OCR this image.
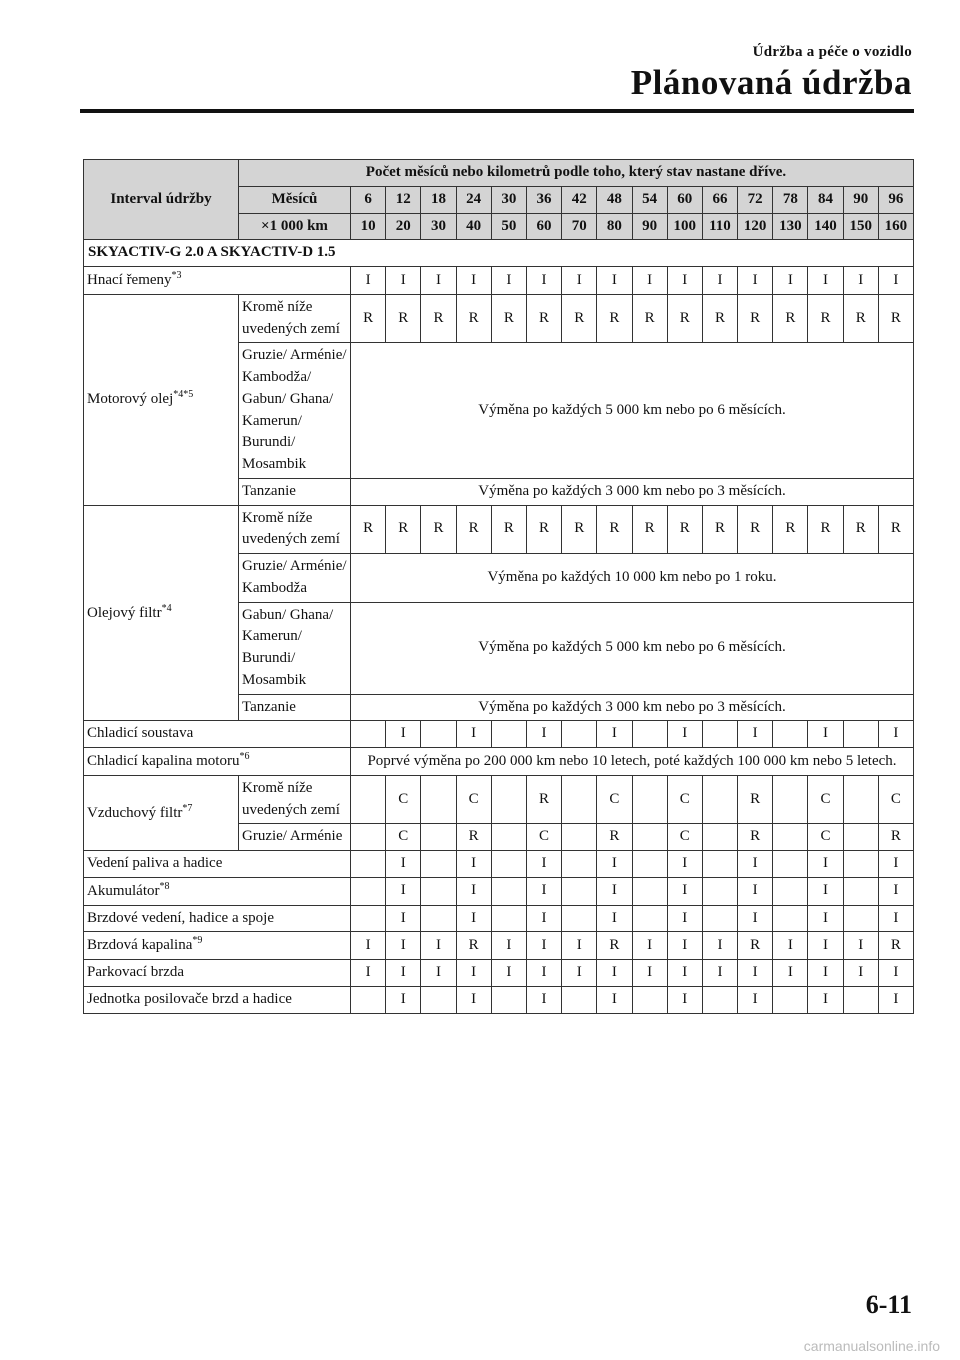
Údržba a péče o vozidlo
Plánovaná údržba
Interval údržby	Počet měsíců nebo kilometrů podle toho, který stav nastane dříve.																
	Měsíců	6	12	18	24	30	36	42	48	54	60	66	72	78	84	90	96
	×1 000 km	10	20	30	40	50	60	70	80	90	100	110	120	130	140	150	160
SKYACTIV-G 2.0 A SKYACTIV-D 1.5																	
Hnací řemeny$^{*3}$		I	I	I	I	I	I	I	I	I	I	I	I	I	I	I	I
Motorový olej$^{*4*5}$	Kromě níže uvedených zemí	R	R	R	R	R	R	R	R	R	R	R	R	R	R	R	R
	Gruzie/ Arménie/ Kambodža/ Gabun/ Ghana/ Kamerun/ Burundi/ Mosambik	Výměna po každých 5 000 km nebo po 6 měsících.															
	Tanzanie	Výměna po každých 3 000 km nebo po 3 měsících.															
Olejový filtr$^{*4}$	Kromě níže uvedených zemí	R	R	R	R	R	R	R	R	R	R	R	R	R	R	R	R
	Gruzie/ Arménie/ Kambodža	Výměna po každých 10 000 km nebo po 1 roku.															
	Gabun/ Ghana/ Kamerun/ Burundi/ Mosambik	Výměna po každých 5 000 km nebo po 6 měsících.															
	Tanzanie	Výměna po každých 3 000 km nebo po 3 měsících.															
Chladicí soustava			I		I		I		I		I		I		I		I
Chladicí kapalina motoru$^{*6}$		Poprvé výměna po 200 000 km nebo 10 letech, poté každých 100 000 km nebo 5 letech.															
Vzduchový filtr$^{*7}$	Kromě níže uvedených zemí		C		C		R		C		C		R		C		C
	Gruzie/ Arménie		C		R		C		R		C		R		C		R
Vedení paliva a hadice			I		I		I		I		I		I		I		I
Akumulátor$^{*8}$			I		I		I		I		I		I		I		I
Brzdové vedení, hadice a spoje			I		I		I		I		I		I		I		I
Brzdová kapalina$^{*9}$		I	I	I	R	I	I	I	R	I	I	I	R	I	I	I	R
Parkovací brzda		I	I	I	I	I	I	I	I	I	I	I	I	I	I	I	I
Jednotka posilovače brzd a hadice			I		I		I		I		I		I		I		I
6-11
carmanualsonline.info
